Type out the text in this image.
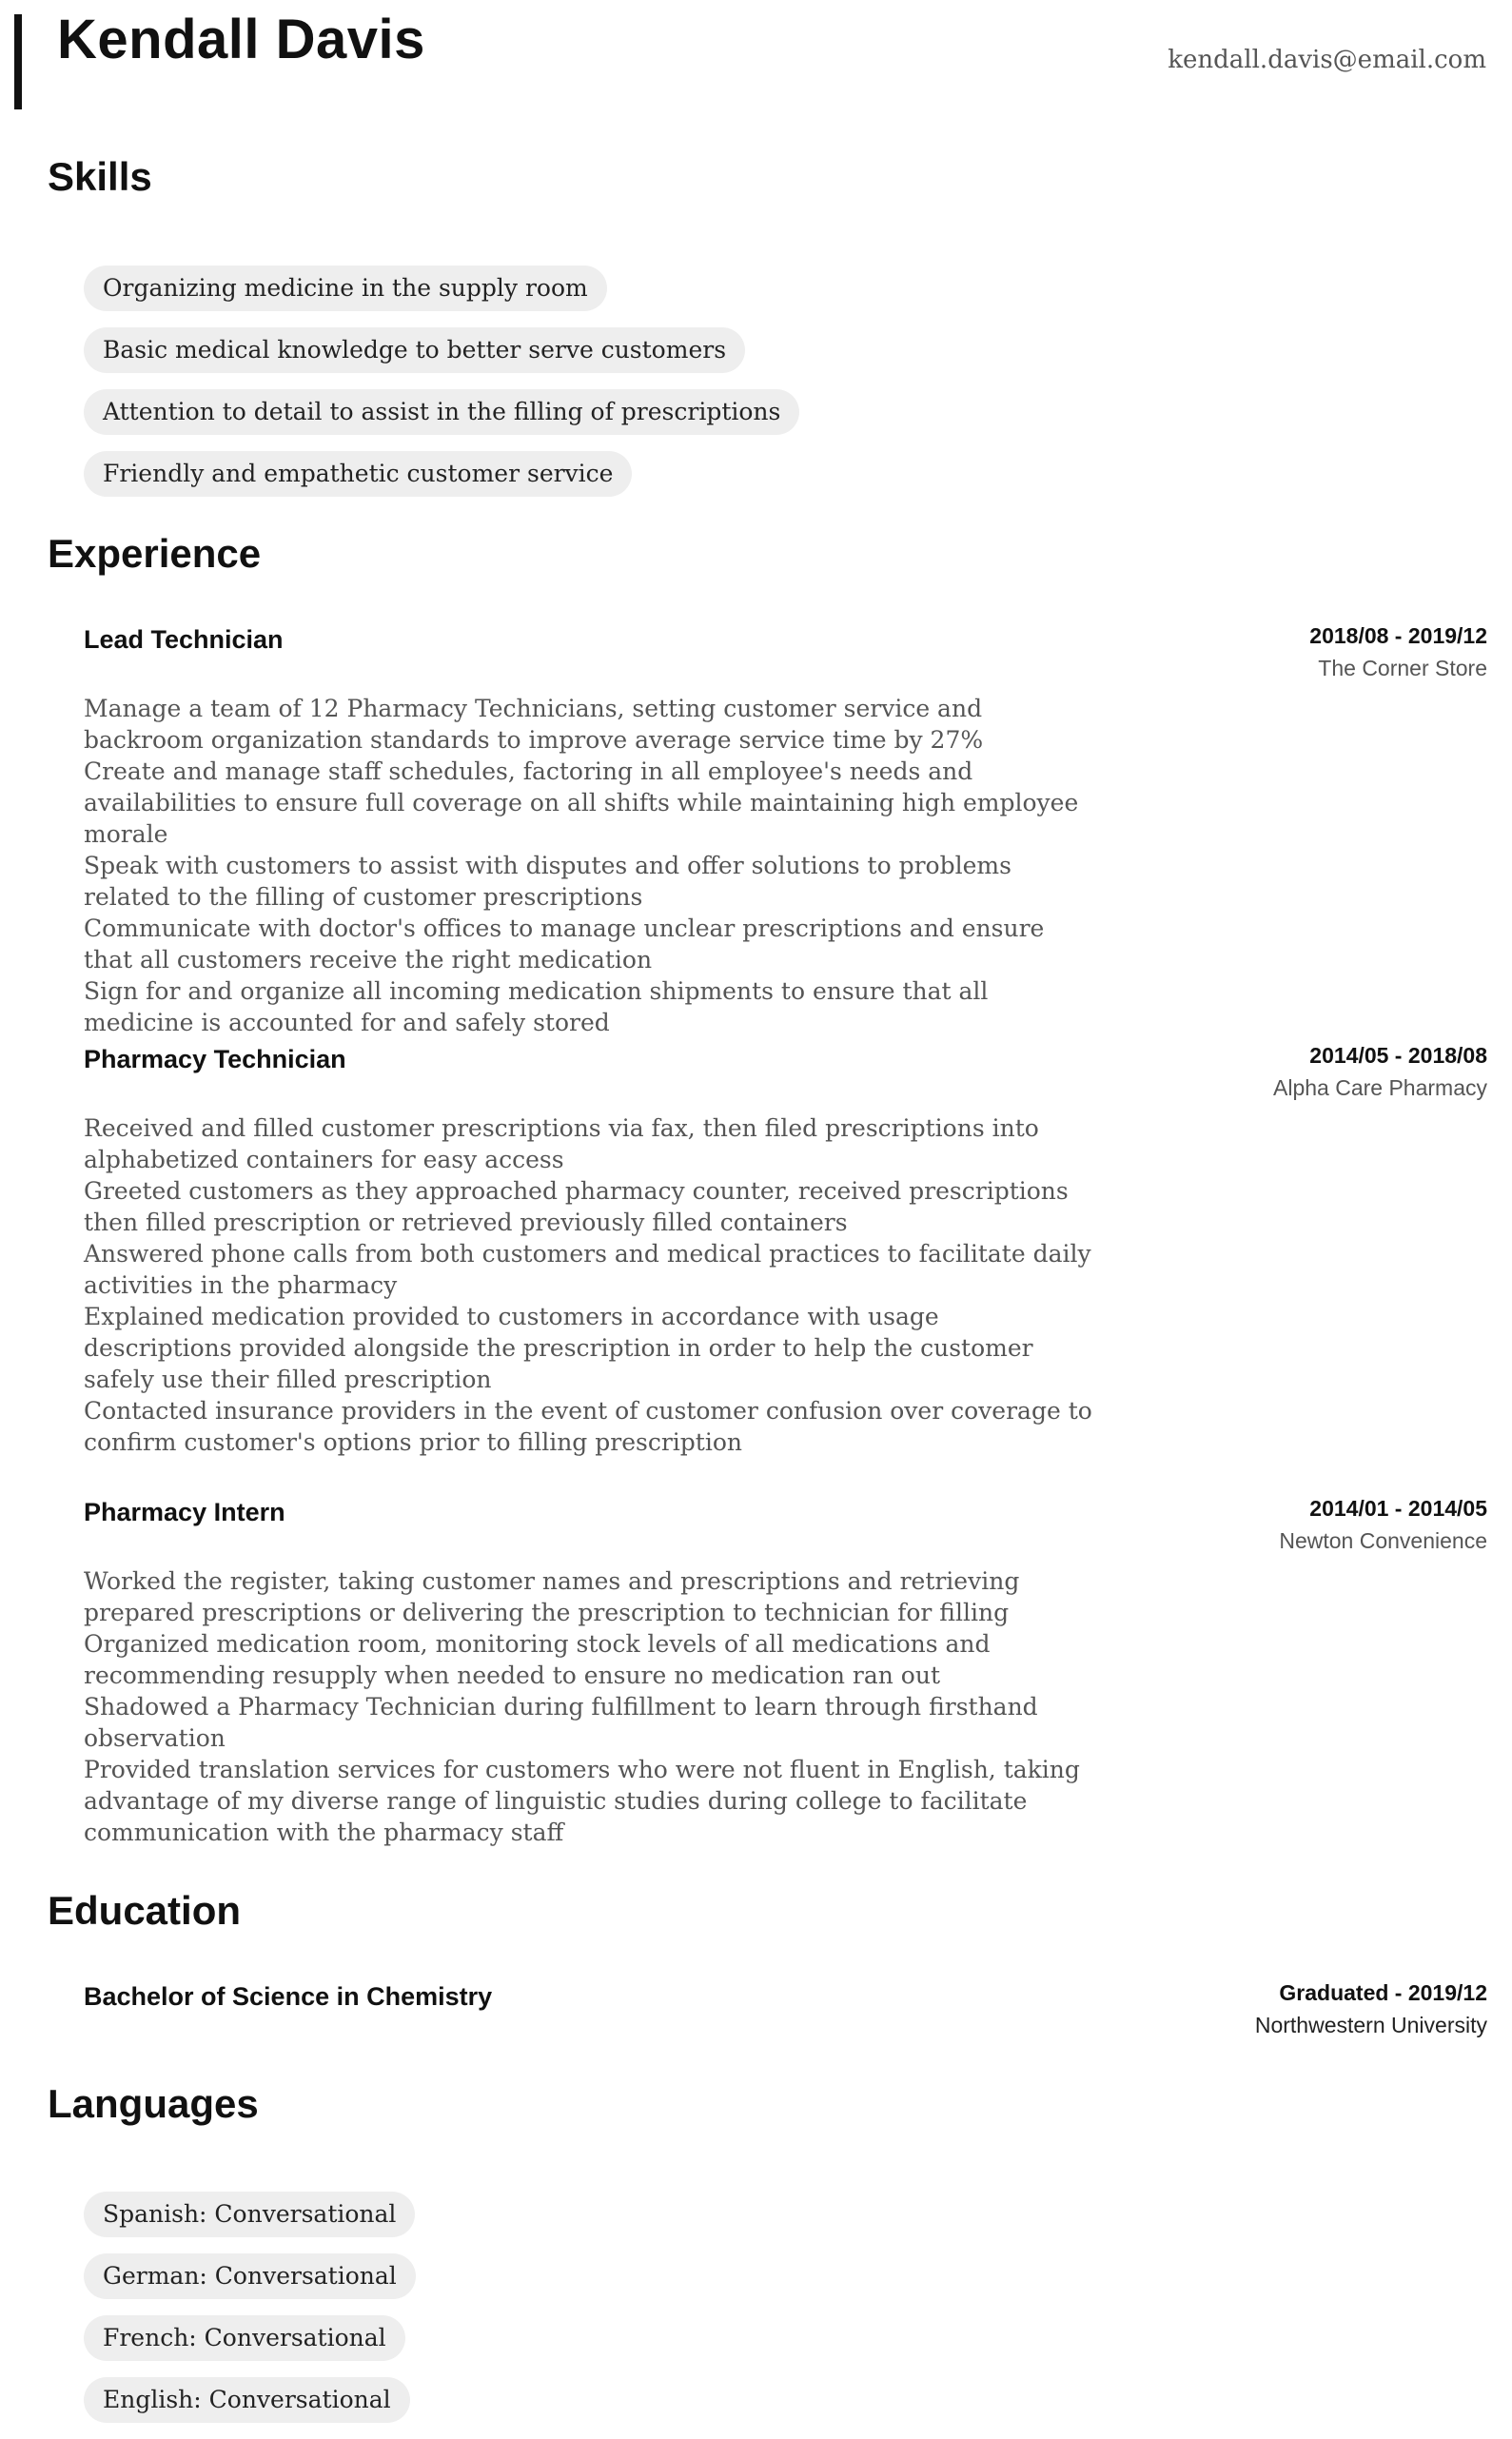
Kendall Davis	kendall.davis@email.com
Skills
Organizing medicine in the supply room
Basic medical knowledge to better serve customers
Attention to detail to assist in the filling of prescriptions
Friendly and empathetic customer service
Experience
Lead Technician	2018/08 - 2019/12
The Corner Store
Manage a team of 12 Pharmacy Technicians, setting customer service and backroom organization standards to improve average service time by 27%
Create and manage staff schedules, factoring in all employee's needs and availabilities to ensure full coverage on all shifts while maintaining high employee morale
Speak with customers to assist with disputes and offer solutions to problems related to the filling of customer prescriptions
Communicate with doctor's offices to manage unclear prescriptions and ensure that all customers receive the right medication
Sign for and organize all incoming medication shipments to ensure that all medicine is accounted for and safely stored
Pharmacy Technician	2014/05 - 2018/08
Alpha Care Pharmacy
Received and filled customer prescriptions via fax, then filed prescriptions into alphabetized containers for easy access
Greeted customers as they approached pharmacy counter, received prescriptions then filled prescription or retrieved previously filled containers
Answered phone calls from both customers and medical practices to facilitate daily activities in the pharmacy
Explained medication provided to customers in accordance with usage descriptions provided alongside the prescription in order to help the customer safely use their filled prescription
Contacted insurance providers in the event of customer confusion over coverage to confirm customer's options prior to filling prescription
Pharmacy Intern	2014/01 - 2014/05
Newton Convenience
Worked the register, taking customer names and prescriptions and retrieving prepared prescriptions or delivering the prescription to technician for filling
Organized medication room, monitoring stock levels of all medications and recommending resupply when needed to ensure no medication ran out
Shadowed a Pharmacy Technician during fulfillment to learn through firsthand observation
Provided translation services for customers who were not fluent in English, taking advantage of my diverse range of linguistic studies during college to facilitate communication with the pharmacy staff
Education
Bachelor of Science in Chemistry	Graduated - 2019/12
Northwestern University
Languages
Spanish: Conversational
German: Conversational
French: Conversational
English: Conversational
